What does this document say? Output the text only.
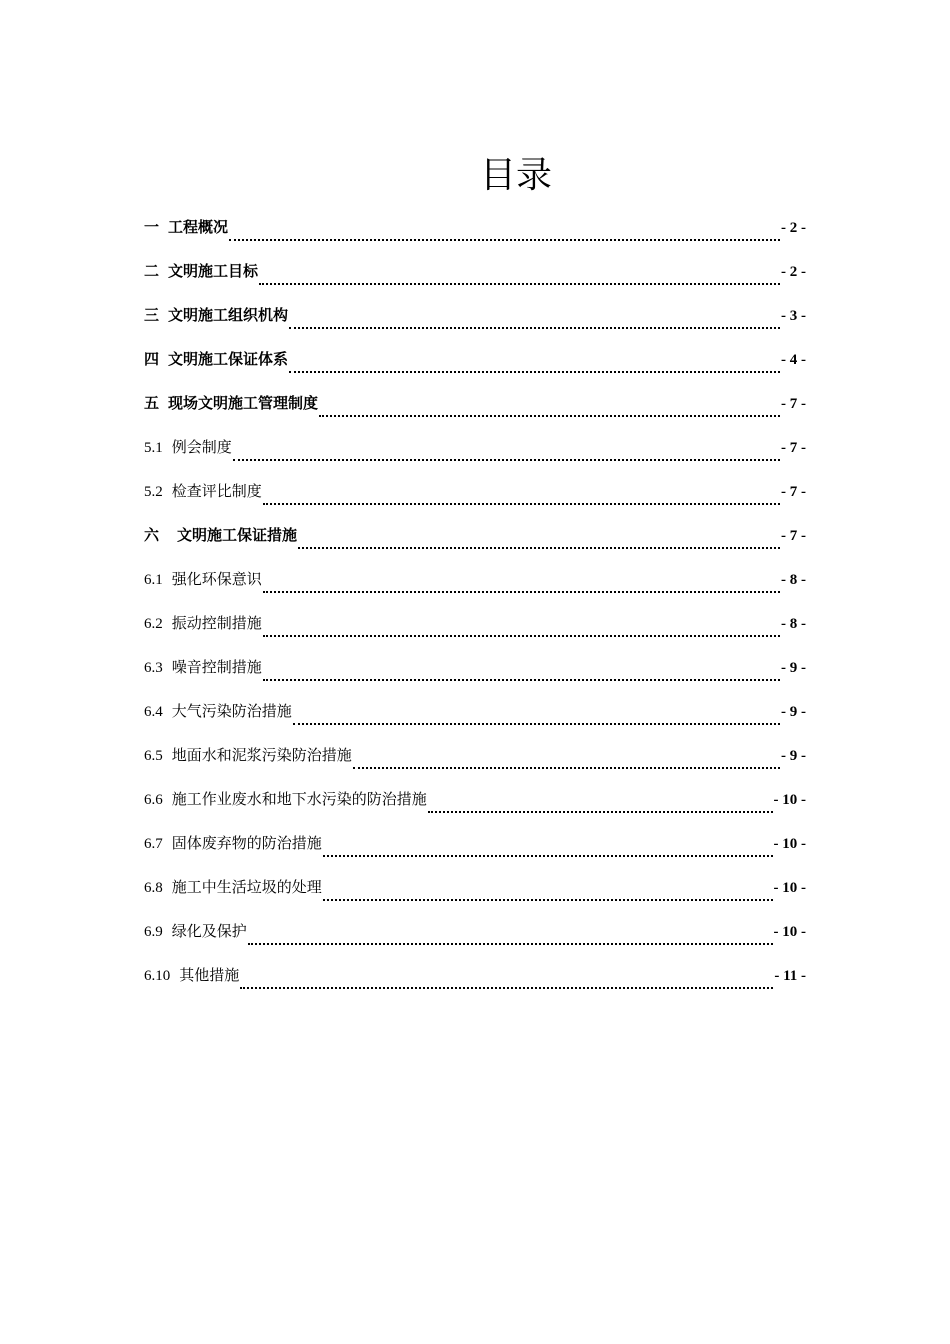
目录
一 工程概况	- 2 -
二 文明施工目标	- 2 -
三 文明施工组织机构	- 3 -
四 文明施工保证体系	- 4 -
五 现场文明施工管理制度	- 7 -
5.1 例会制度	- 7 -
5.2 检查评比制度	- 7 -
六 文明施工保证措施	- 7 -
6.1 强化环保意识	- 8 -
6.2 振动控制措施	- 8 -
6.3 噪音控制措施	- 9 -
6.4 大气污染防治措施	- 9 -
6.5 地面水和泥浆污染防治措施	- 9 -
6.6 施工作业废水和地下水污染的防治措施	- 10 -
6.7 固体废弃物的防治措施	- 10 -
6.8 施工中生活垃圾的处理	- 10 -
6.9 绿化及保护	- 10 -
6.10 其他措施	- 11 -
